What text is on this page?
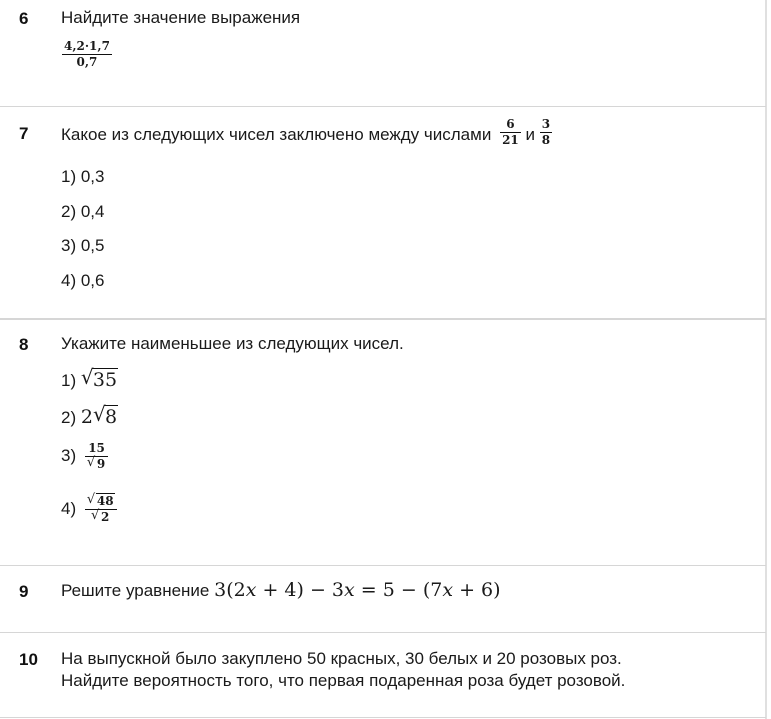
6 Найдите значение выражения
$\frac{4,2\cdot 1,7}{0,7}$
7 Какое из следующих чисел заключено между числами $\frac{6}{21}$ и $\frac{3}{8}$
1) 0,3
2) 0,4
3) 0,5
4) 0,6
8 Укажите наименьшее из следующих чисел.
1) √ 35
2) 2 √ 8
$3) \frac{15}{√ 9}$
$4) \frac{√ 48}{√ 2}$
9 Решите уравнение 3(2x + 4) − 3x = 5 − (7x + 6)
10 На выпускной было закуплено 50 красных, 30 белых и 20 розовых роз.
Найдите вероятность того, что первая подаренная роза будет розовой.
